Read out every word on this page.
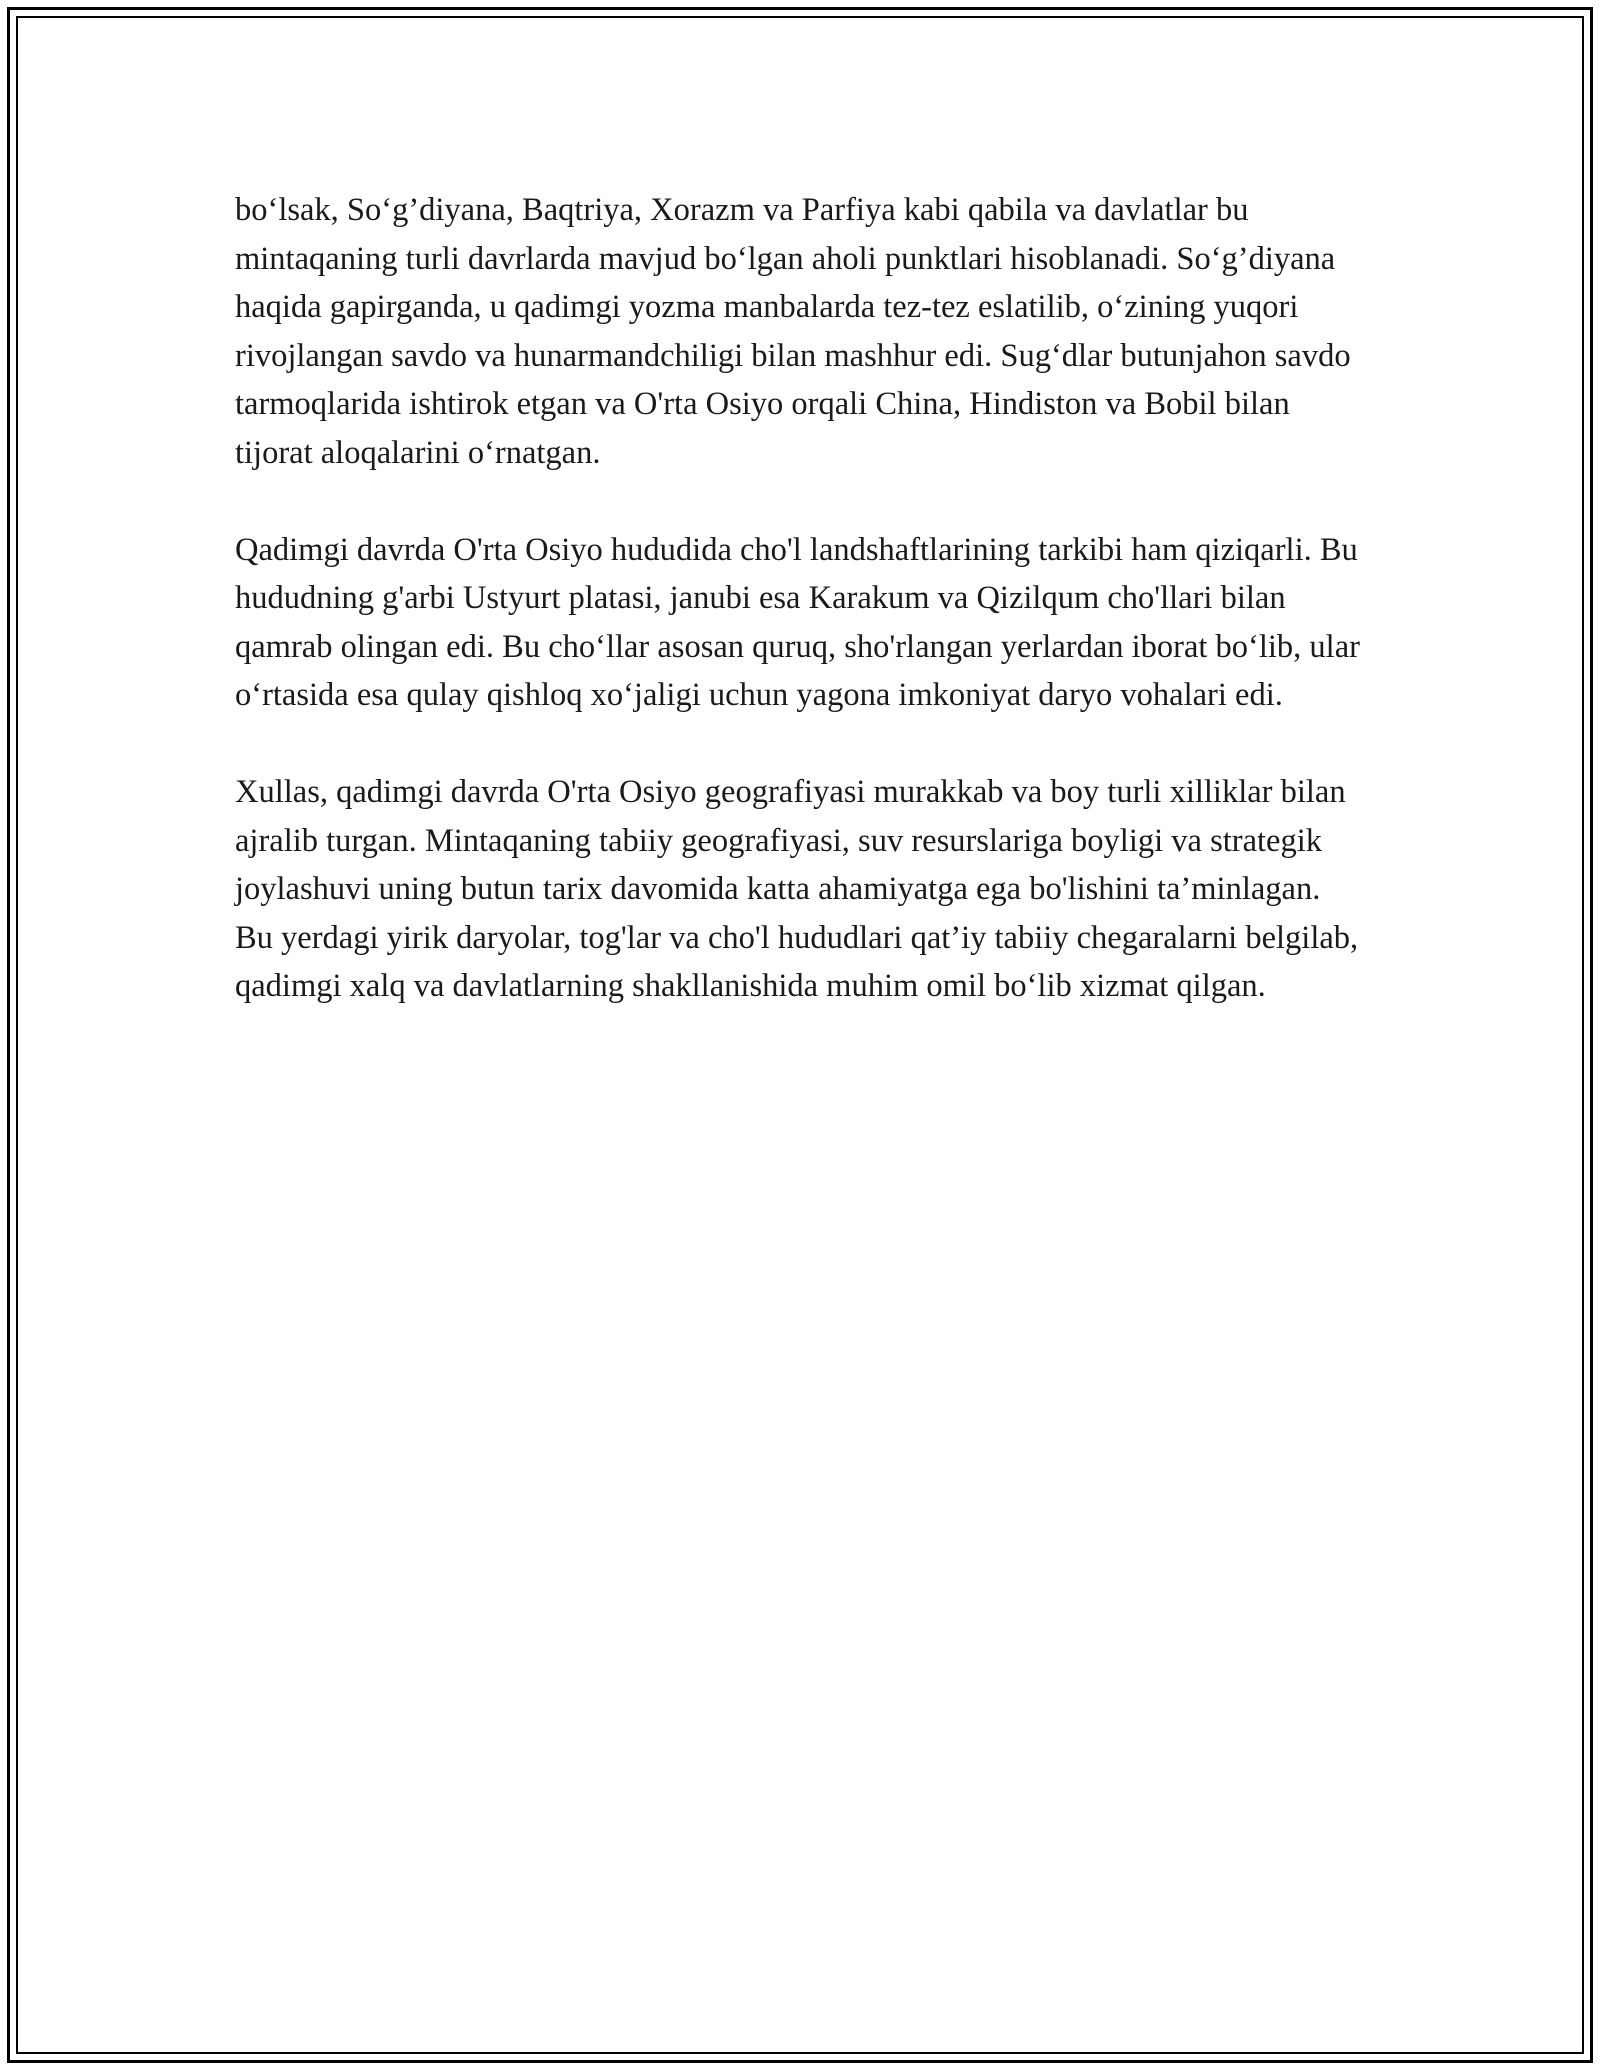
bo‘lsak, So‘g’diyana, Baqtriya, Xorazm va Parfiya kabi qabila va davlatlar bu mintaqaning turli davrlarda mavjud bo‘lgan aholi punktlari hisoblanadi. So‘g’diyana haqida gapirganda, u qadimgi yozma manbalarda tez-tez eslatilib, o‘zining yuqori rivojlangan savdo va hunarmandchiligi bilan mashhur edi. Sug‘dlar butunjahon savdo tarmoqlarida ishtirok etgan va O'rta Osiyo orqali China, Hindiston va Bobil bilan tijorat aloqalarini o‘rnatgan.

Qadimgi davrda O'rta Osiyo hududida cho'l landshaftlarining tarkibi ham qiziqarli. Bu hududning g'arbi Ustyurt platasi, janubi esa Karakum va Qizilqum cho'llari bilan qamrab olingan edi. Bu cho‘llar asosan quruq, sho'rlangan yerlardan iborat bo‘lib, ular o‘rtasida esa qulay qishloq xo‘jaligi uchun yagona imkoniyat daryo vohalari edi.

Xullas, qadimgi davrda O'rta Osiyo geografiyasi murakkab va boy turli xilliklar bilan ajralib turgan. Mintaqaning tabiiy geografiyasi, suv resurslariga boyligi va strategik joylashuvi uning butun tarix davomida katta ahamiyatga ega bo'lishini ta’minlagan. Bu yerdagi yirik daryolar, tog'lar va cho'l hududlari qat’iy tabiiy chegaralarni belgilab, qadimgi xalq va davlatlarning shakllanishida muhim omil bo‘lib xizmat qilgan.
